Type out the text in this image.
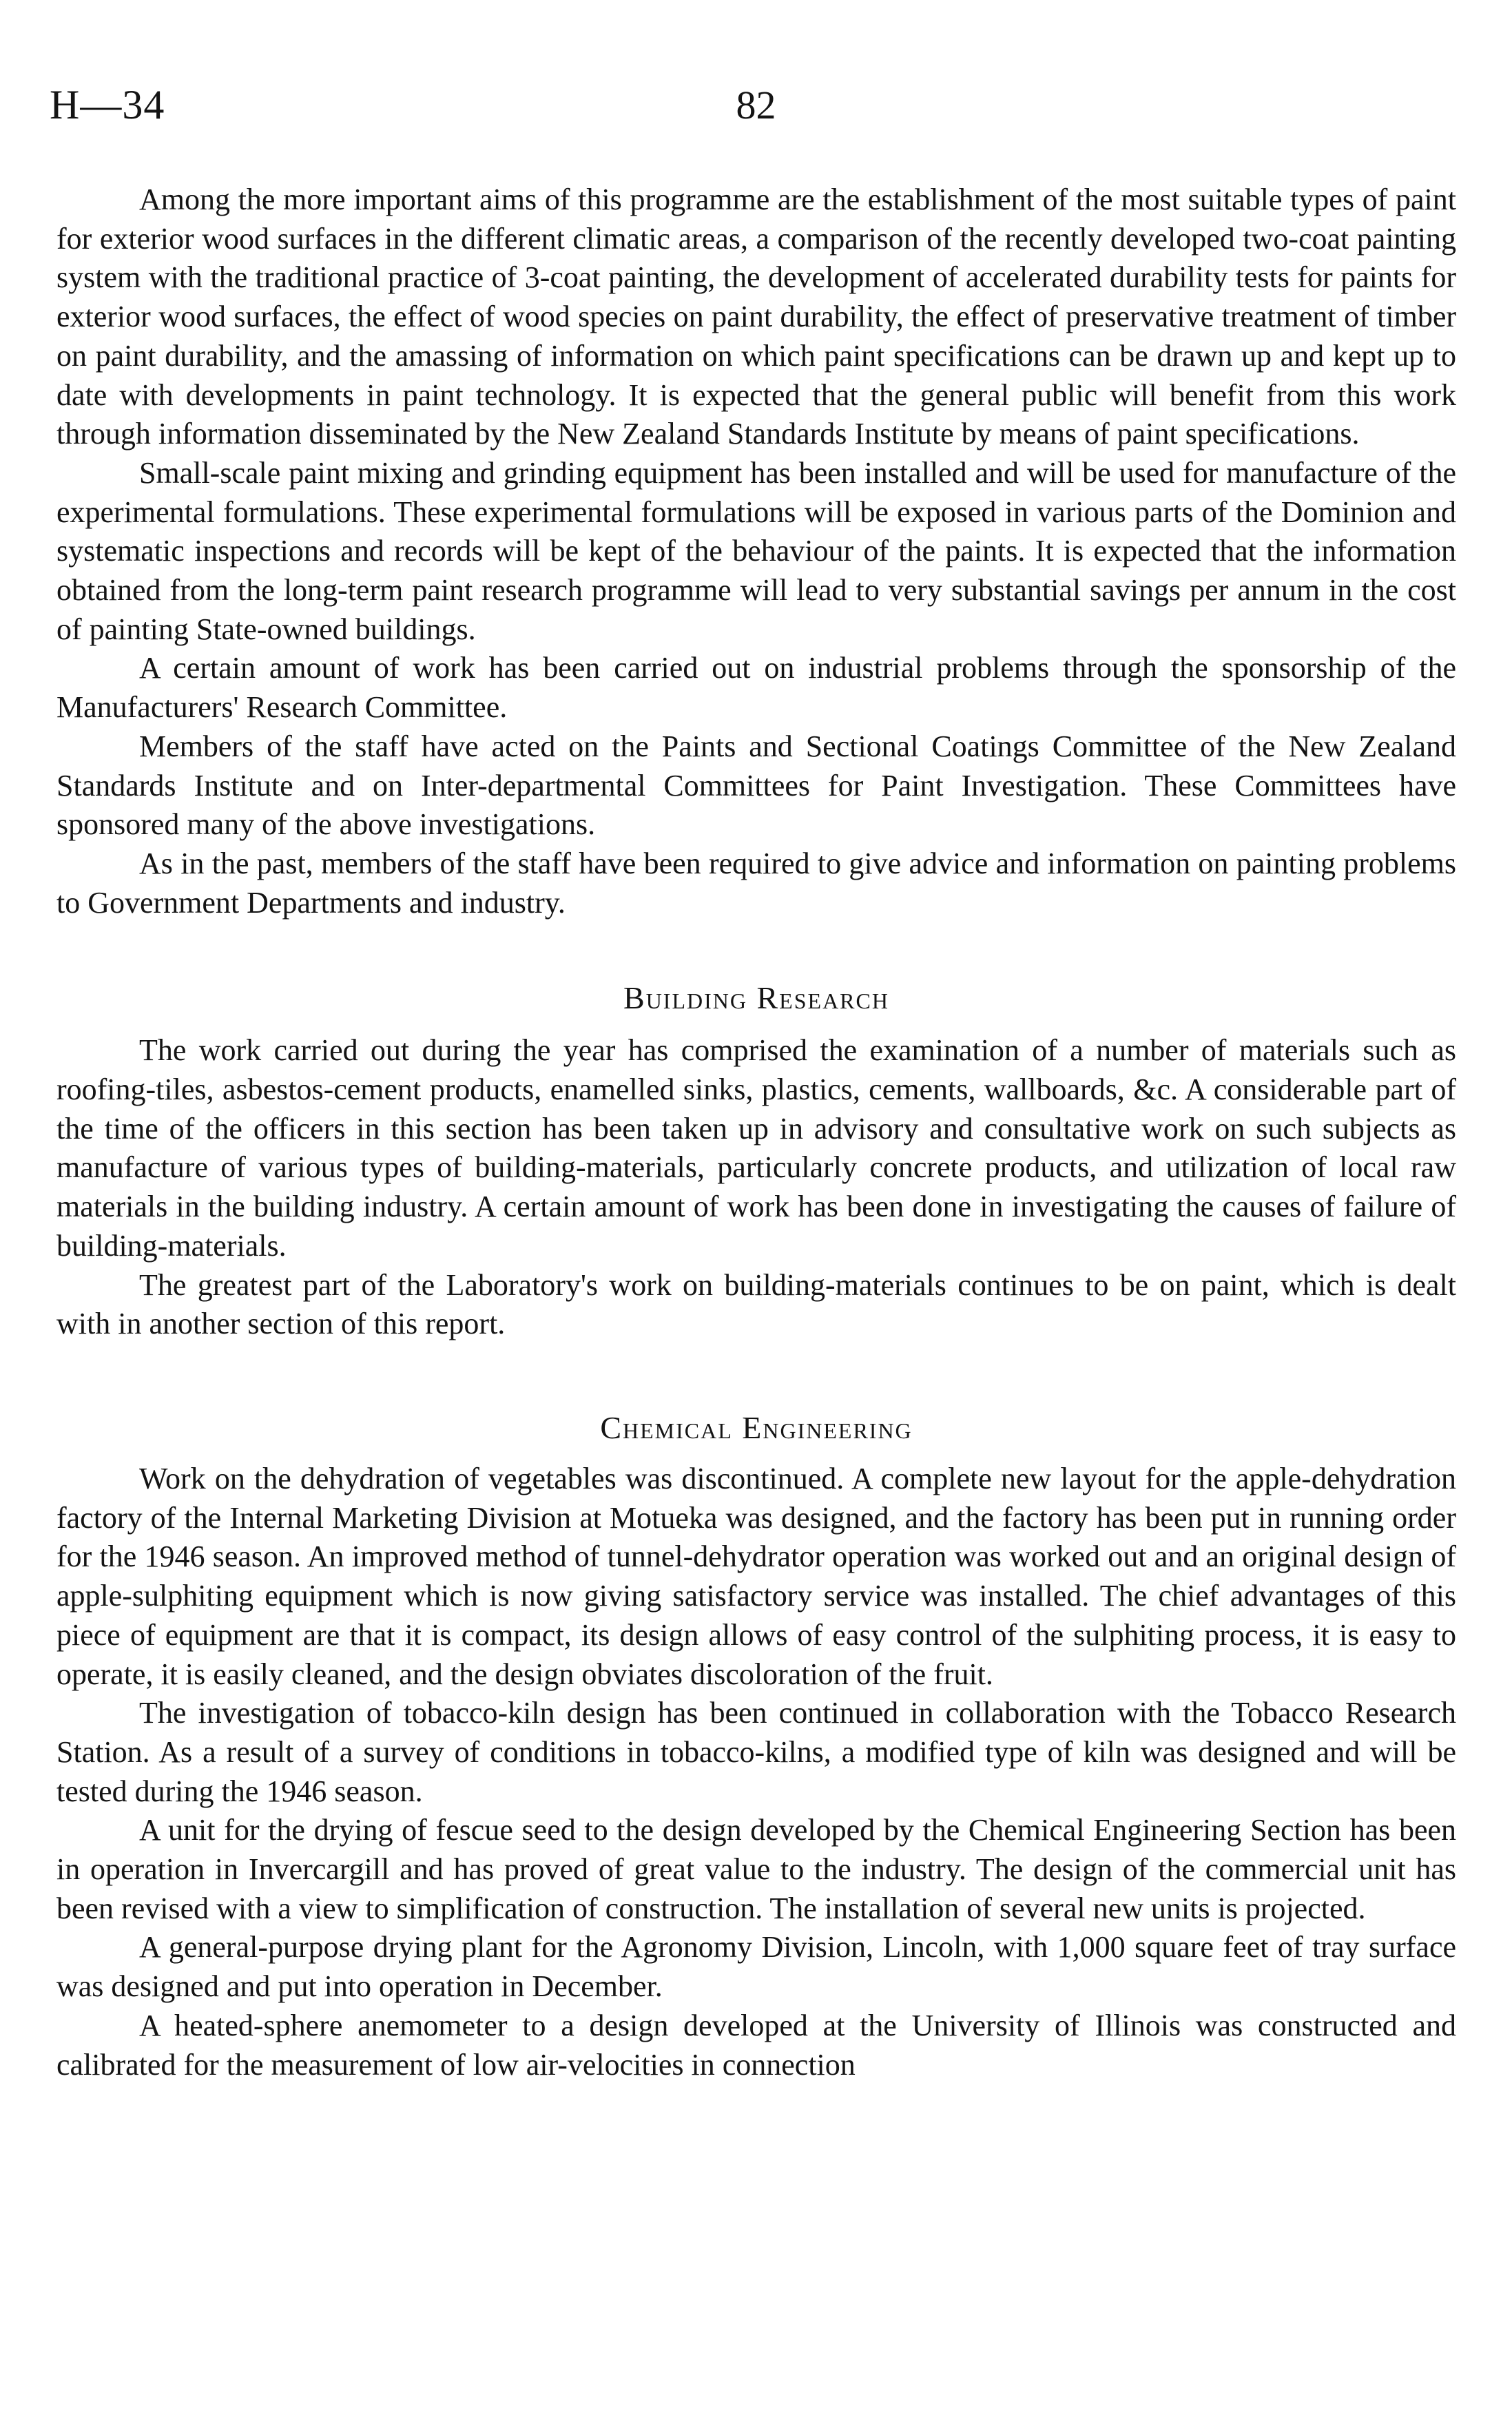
H—34	82

Among the more important aims of this programme are the establishment of the most suitable types of paint for exterior wood surfaces in the different climatic areas, a comparison of the recently developed two-coat painting system with the traditional practice of 3-coat painting, the development of accelerated durability tests for paints for exterior wood surfaces, the effect of wood species on paint durability, the effect of preservative treatment of timber on paint durability, and the amassing of information on which paint specifications can be drawn up and kept up to date with developments in paint technology. It is expected that the general public will benefit from this work through information disseminated by the New Zealand Standards Institute by means of paint specifications.

Small-scale paint mixing and grinding equipment has been installed and will be used for manufacture of the experimental formulations. These experimental formulations will be exposed in various parts of the Dominion and systematic inspections and records will be kept of the behaviour of the paints. It is expected that the information obtained from the long-term paint research programme will lead to very substantial savings per annum in the cost of painting State-owned buildings.

A certain amount of work has been carried out on industrial problems through the sponsorship of the Manufacturers' Research Committee.

Members of the staff have acted on the Paints and Sectional Coatings Committee of the New Zealand Standards Institute and on Inter-departmental Committees for Paint Investigation. These Committees have sponsored many of the above investigations.

As in the past, members of the staff have been required to give advice and information on painting problems to Government Departments and industry.

Building Research

The work carried out during the year has comprised the examination of a number of materials such as roofing-tiles, asbestos-cement products, enamelled sinks, plastics, cements, wallboards, &c. A considerable part of the time of the officers in this section has been taken up in advisory and consultative work on such subjects as manufacture of various types of building-materials, particularly concrete products, and utilization of local raw materials in the building industry. A certain amount of work has been done in investigating the causes of failure of building-materials.

The greatest part of the Laboratory's work on building-materials continues to be on paint, which is dealt with in another section of this report.

Chemical Engineering

Work on the dehydration of vegetables was discontinued. A complete new layout for the apple-dehydration factory of the Internal Marketing Division at Motueka was designed, and the factory has been put in running order for the 1946 season. An improved method of tunnel-dehydrator operation was worked out and an original design of apple-sulphiting equipment which is now giving satisfactory service was installed. The chief advantages of this piece of equipment are that it is compact, its design allows of easy control of the sulphiting process, it is easy to operate, it is easily cleaned, and the design obviates discoloration of the fruit.

The investigation of tobacco-kiln design has been continued in collaboration with the Tobacco Research Station. As a result of a survey of conditions in tobacco-kilns, a modified type of kiln was designed and will be tested during the 1946 season.

A unit for the drying of fescue seed to the design developed by the Chemical Engineering Section has been in operation in Invercargill and has proved of great value to the industry. The design of the commercial unit has been revised with a view to simplification of construction. The installation of several new units is projected.

A general-purpose drying plant for the Agronomy Division, Lincoln, with 1,000 square feet of tray surface was designed and put into operation in December.

A heated-sphere anemometer to a design developed at the University of Illinois was constructed and calibrated for the measurement of low air-velocities in connection
